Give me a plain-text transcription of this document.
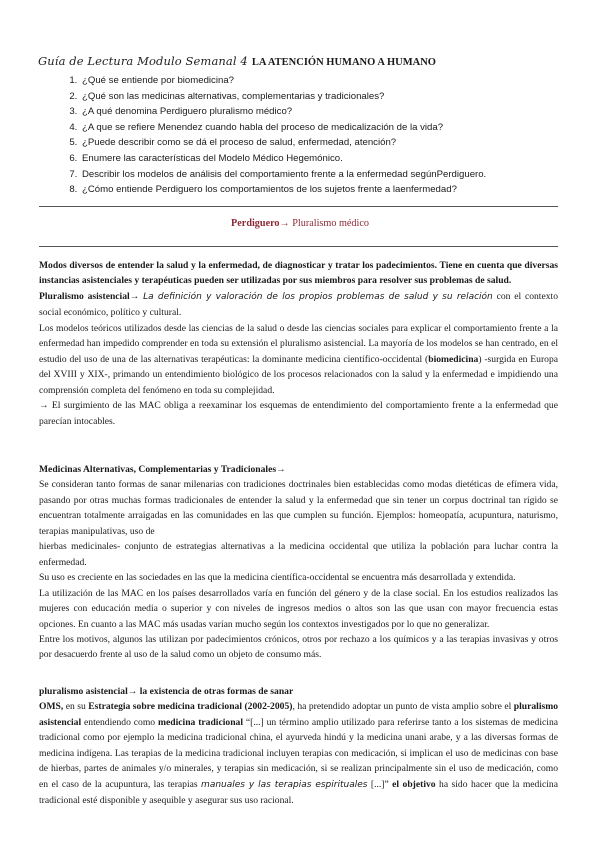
Guía de Lectura Modulo Semanal 4 LA ATENCIÓN HUMANO A HUMANO
1. ¿Qué se entiende por biomedicina?
2. ¿Qué son las medicinas alternativas, complementarias y tradicionales?
3. ¿A qué denomina Perdiguero pluralismo médico?
4. ¿A que se refiere Menendez cuando habla del proceso de medicalización de la vida?
5. ¿Puede describir como se dá el proceso de salud, enfermedad, atención?
6. Enumere las características del Modelo Médico Hegemónico.
7. Describir los modelos de análisis del comportamiento frente a la enfermedad segúnPerdiguero.
8. ¿Cómo entiende Perdiguero los comportamientos de los sujetos frente a laenfermedad?
Perdiguero→ Pluralismo médico

Modos diversos de entender la salud y la enfermedad, de diagnosticar y tratar los padecimientos. Tiene en cuenta que diversas instancias asistenciales y terapéuticas pueden ser utilizadas por sus miembros para resolver sus problemas de salud.

Pluralismo asistencial→ La definición y valoración de los propios problemas de salud y su relación con el contexto social económico, político y cultural.

Los modelos teóricos utilizados desde las ciencias de la salud o desde las ciencias sociales para explicar el comportamiento frente a la enfermedad han impedido comprender en toda su extensión el pluralismo asistencial. La mayoría de los modelos se han centrado, en el estudio del uso de una de las alternativas terapéuticas: la dominante medicina científico-occidental (biomedicina) -surgida en Europa del XVIII y XIX-, primando un entendimiento biológico de los procesos relacionados con la salud y la enfermedad e impidiendo una comprensión completa del fenómeno en toda su complejidad.

→ El surgimiento de las MAC obliga a reexaminar los esquemas de entendimiento del comportamiento frente a la enfermedad que parecían intocables.

Medicinas Alternativas, Complementarias y Tradicionales→

Se consideran tanto formas de sanar milenarias con tradiciones doctrinales bien establecidas como modas dietéticas de efímera vida, pasando por otras muchas formas tradicionales de entender la salud y la enfermedad que sin tener un corpus doctrinal tan rígido se encuentran totalmente arraigadas en las comunidades en las que cumplen su función. Ejemplos: homeopatía, acupuntura, naturismo, terapias manipulativas, uso de

hierbas medicinales- conjunto de estrategias alternativas a la medicina occidental que utiliza la población para luchar contra la enfermedad.

Su uso es creciente en las sociedades en las que la medicina científica-occidental se encuentra más desarrollada y extendida.

La utilización de las MAC en los países desarrollados varía en función del género y de la clase social. En los estudios realizados las mujeres con educación media o superior y con niveles de ingresos medios o altos son las que usan con mayor frecuencia estas opciones. En cuanto a las MAC más usadas varían mucho según los contextos investigados por lo que no generalizar.

Entre los motivos, algunos las utilizan por padecimientos crónicos, otros por rechazo a los químicos y a las terapias invasivas y otros por desacuerdo frente al uso de la salud como un objeto de consumo más.

pluralismo asistencial→ la existencia de otras formas de sanar

OMS, en su Estrategia sobre medicina tradicional (2002-2005), ha pretendido adoptar un punto de vista amplio sobre el pluralismo asistencial entendiendo como medicina tradicional “[...] un término amplio utilizado para referirse tanto a los sistemas de medicina tradicional como por ejemplo la medicina tradicional china, el ayurveda hindú y la medicina unani arabe, y a las diversas formas de medicina indígena. Las terapias de la medicina tradicional incluyen terapias con medicación, si implican el uso de medicinas con base de hierbas, partes de animales y/o minerales, y terapias sin medicación, si se realizan principalmente sin el uso de medicación, como en el caso de la acupuntura, las terapias manuales y las terapias espirituales [...]” el objetivo ha sido hacer que la medicina tradicional esté disponible y asequible y asegurar sus uso racional.
